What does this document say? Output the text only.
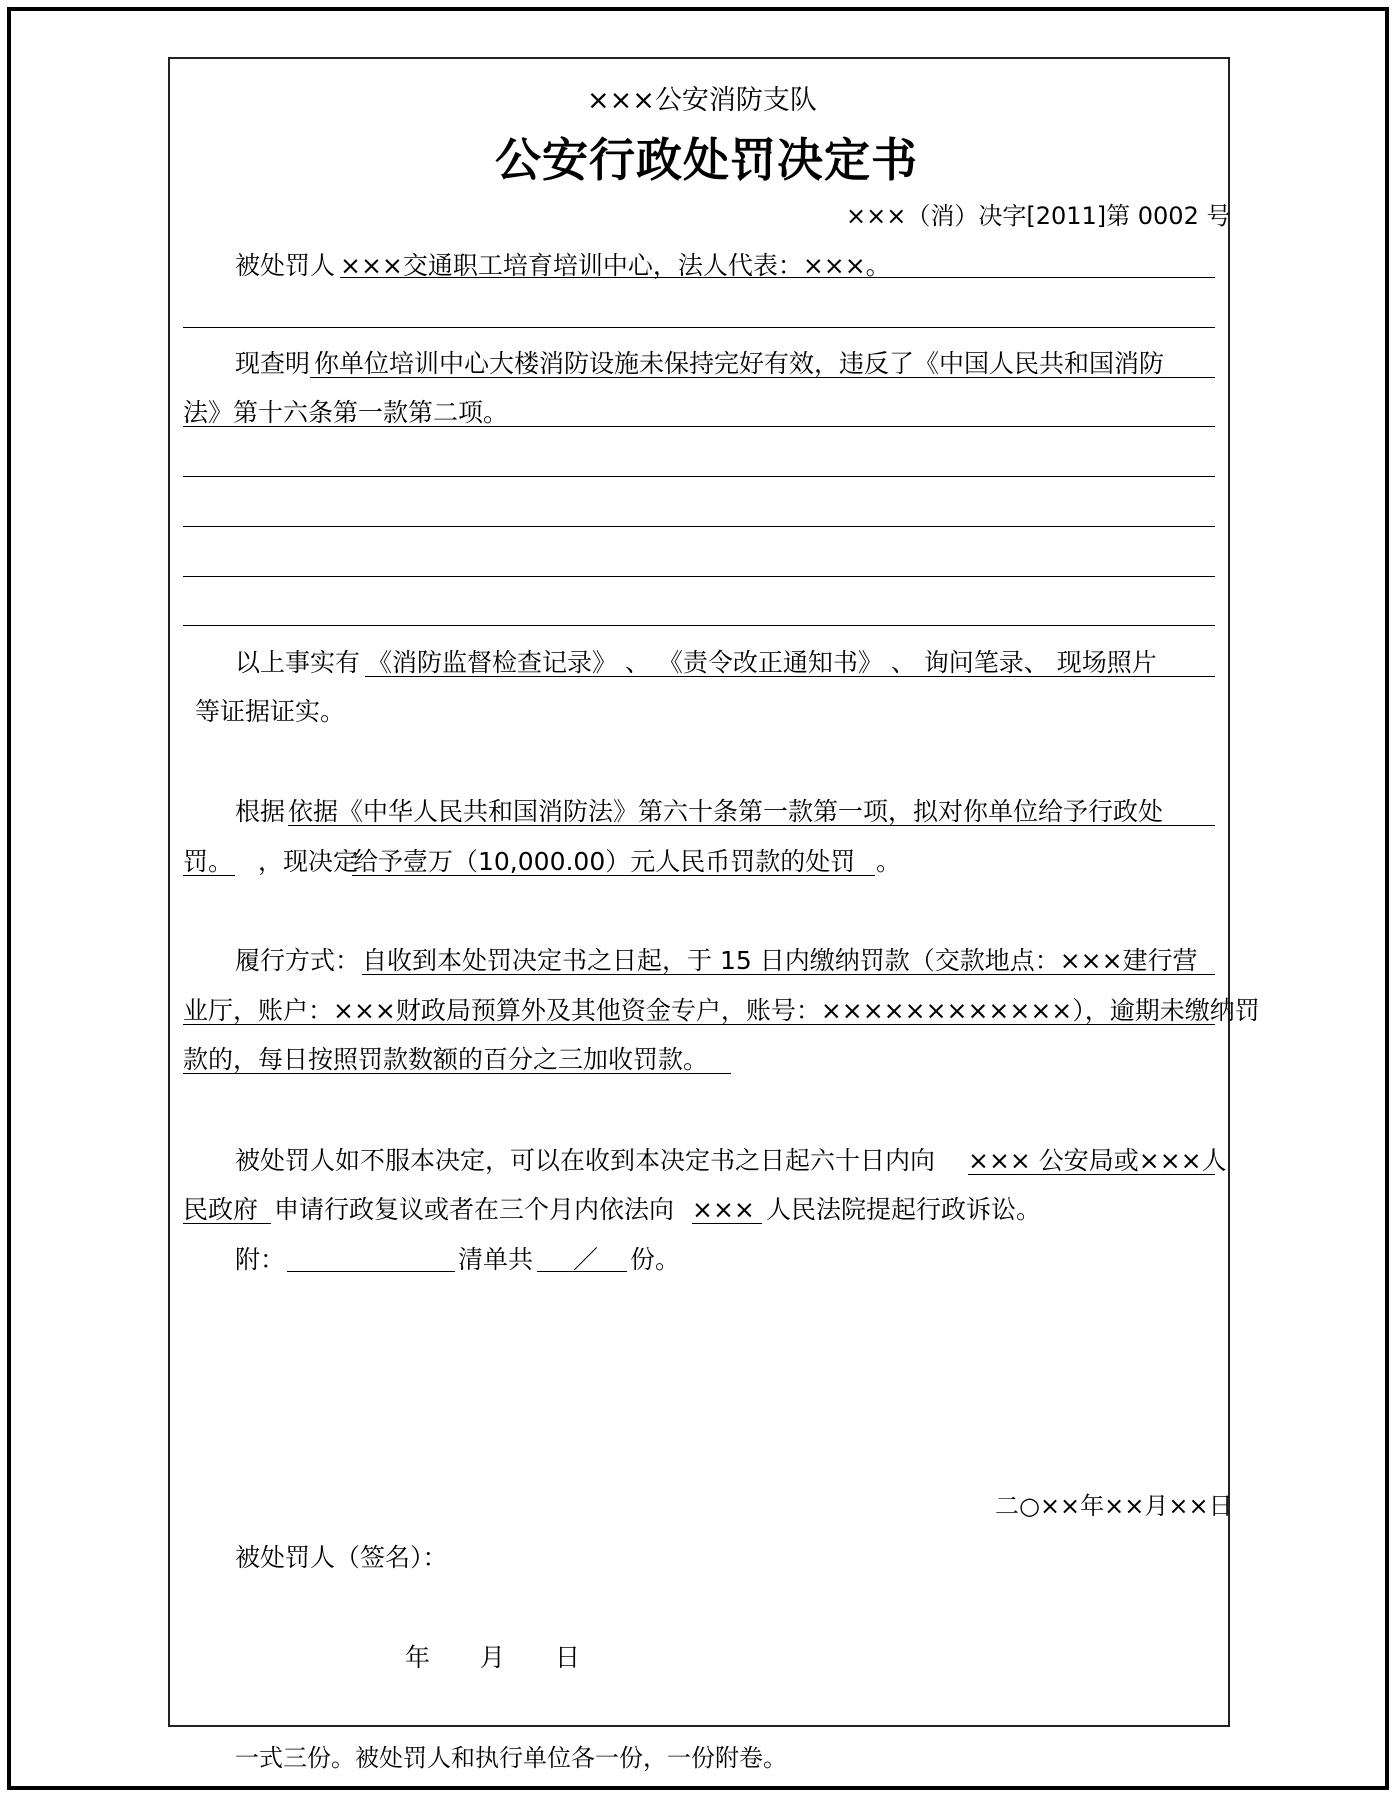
×××公安消防支队
公安行政处罚决定书
×××（消）决字[2011]第 0002 号
被处罚人 ×××交通职工培育培训中心，法人代表：×××。
现查明 你单位培训中心大楼消防设施未保持完好有效，违反了《中国人民共和国消防
法》第十六条第一款第二项。
以上事实有 《消防监督检查记录》 、 《责令改正通知书》 、 询问笔录、 现场照片
等证据证实。
根据 依据《中华人民共和国消防法》第六十条第一款第一项，拟对你单位给予行政处
罚。 ，现决定
给予壹万（10,000.00）元人民币罚款的处罚 。
履行方式： 自收到本处罚决定书之日起，于 15 日内缴纳罚款（交款地点：×××建行营
业厅，账户：×××财政局预算外及其他资金专户，账号：××××××××××××），逾期未缴纳罚
款的，每日按照罚款数额的百分之三加收罚款。
被处罚人如不服本决定，可以在收到本决定书之日起六十日内向 ××× 公安局或×××人
民政府 申请行政复议或者在三个月内依法向 ××× 人民法院提起行政诉讼。
附：	清单共 ／ 份。
二○××年××月××日
被处罚人（签名）：
年　　月　　日
一式三份。被处罚人和执行单位各一份，一份附卷。
